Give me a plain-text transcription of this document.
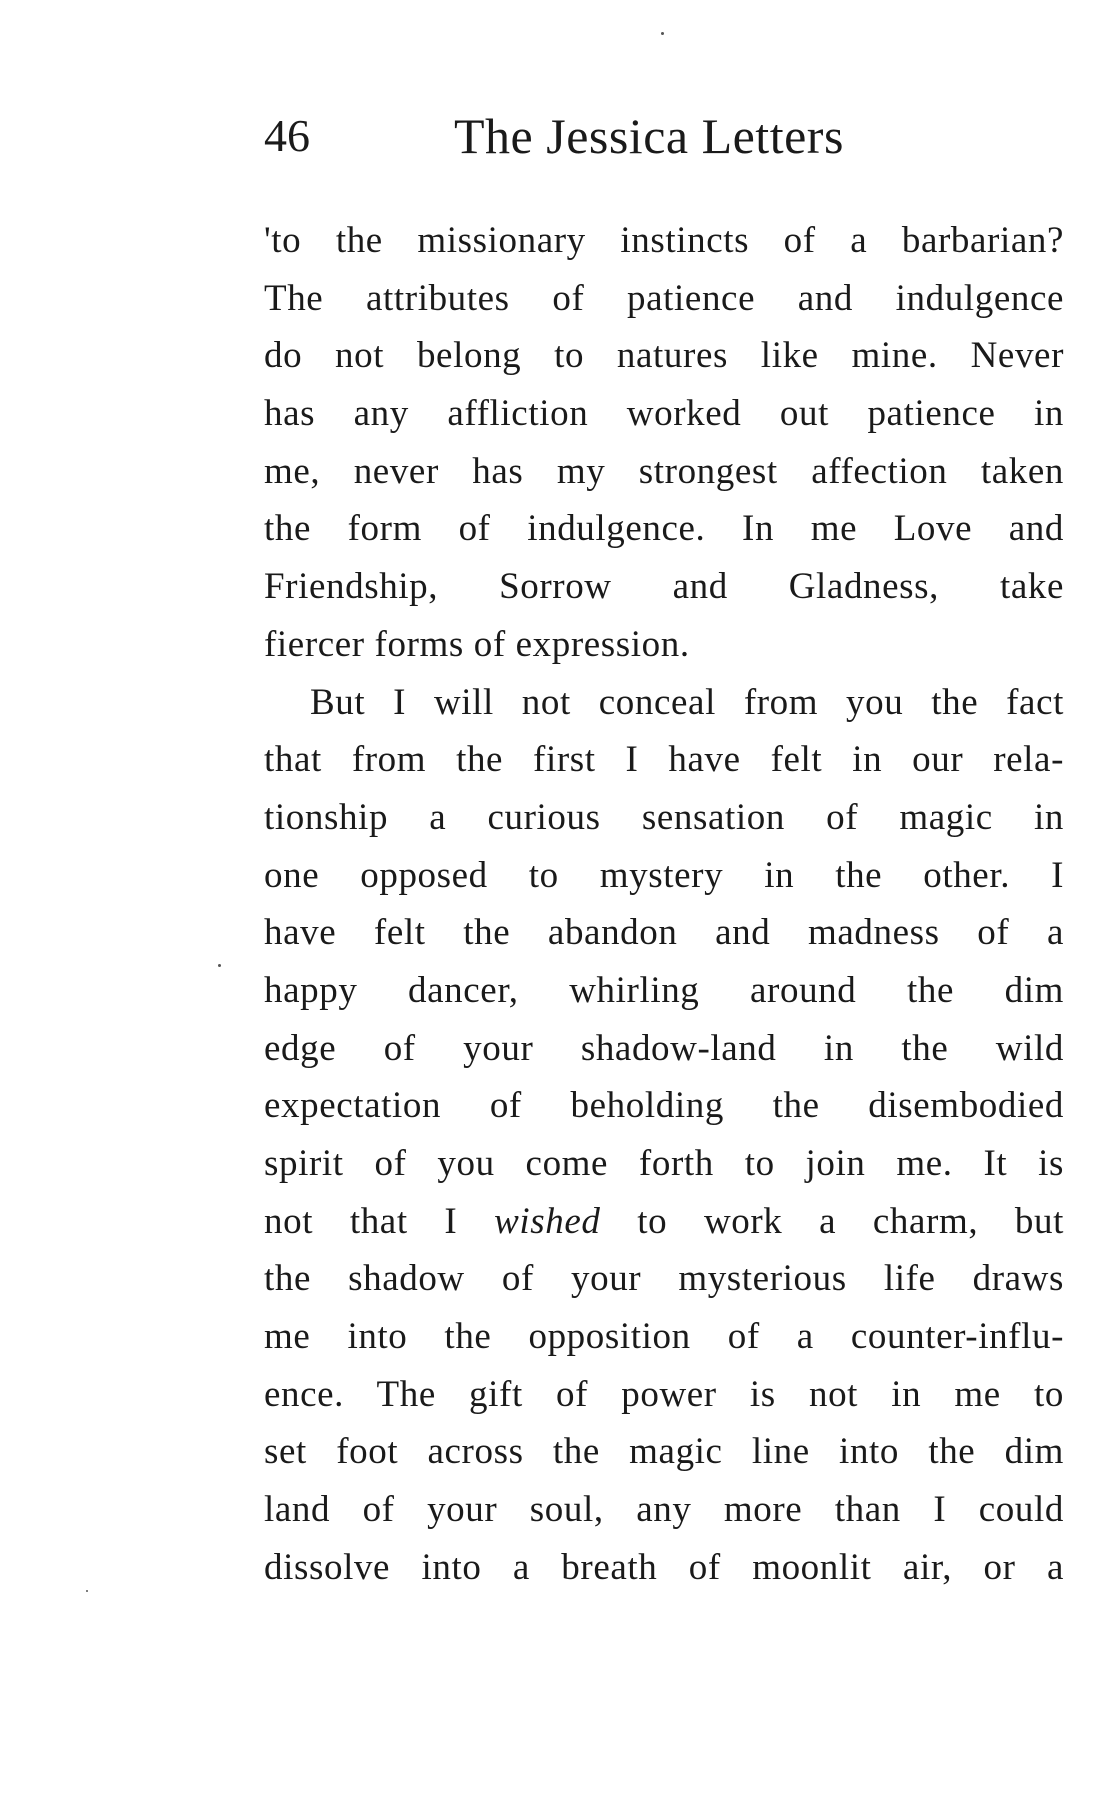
46	The Jessica Letters
'to the missionary instincts of a barbarian?
The attributes of patience and indulgence
do not belong to natures like mine. Never
has any affliction worked out patience in
me, never has my strongest affection taken
the form of indulgence. In me Love and
Friendship, Sorrow and Gladness, take
fiercer forms of expression.
But I will not conceal from you the fact
that from the first I have felt in our rela-
tionship a curious sensation of magic in
one opposed to mystery in the other. I
have felt the abandon and madness of a
happy dancer, whirling around the dim
edge of your shadow-land in the wild
expectation of beholding the disembodied
spirit of you come forth to join me. It is
not that I wished to work a charm, but
the shadow of your mysterious life draws
me into the opposition of a counter-influ-
ence. The gift of power is not in me to
set foot across the magic line into the dim
land of your soul, any more than I could
dissolve into a breath of moonlit air, or a
